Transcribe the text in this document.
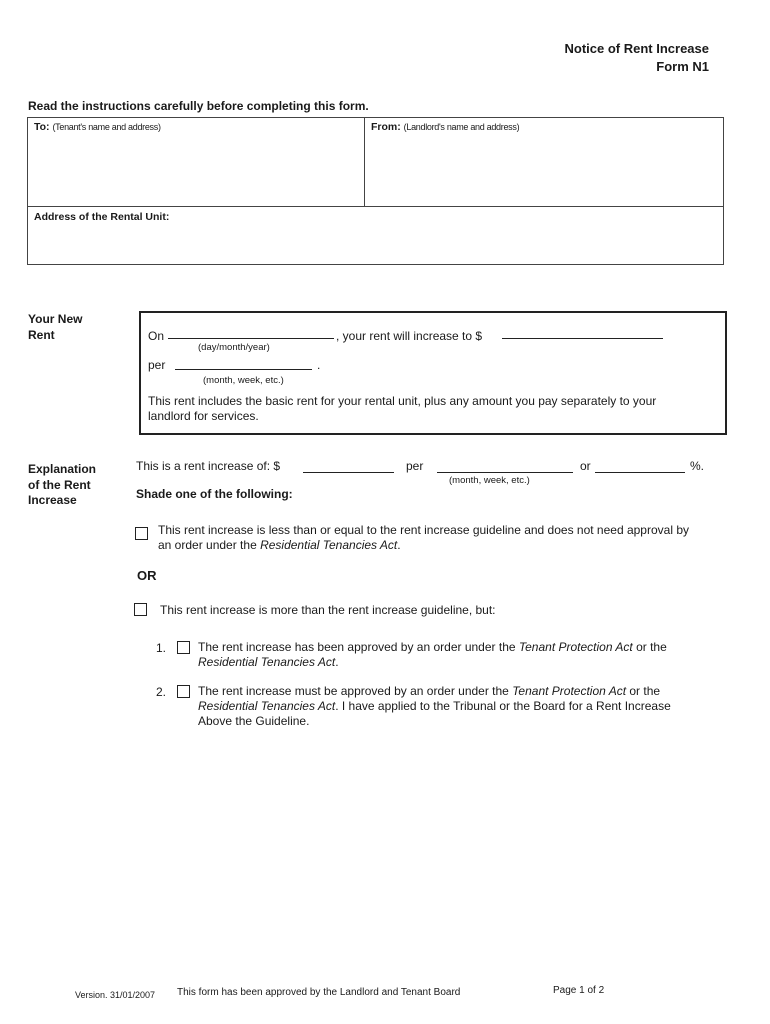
Notice of Rent Increase
Form N1
Read the instructions carefully before completing this form.
To: (Tenant's name and address)	From: (Landlord's name and address)
Address of the Rental Unit:
Your New
Rent	On
(day/month/year)
, your rent will increase to $
per	.
(month, week, etc.)
This rent includes the basic rent for your rental unit, plus any amount you pay separately to your
landlord for services.
Explanation
of the Rent
Increase
This is a rent increase of: $	per
(month, week, etc.)
or	%.
Shade one of the following:
This rent increase is less than or equal to the rent increase guideline and does not need approval by
an order under the Residential Tenancies Act.
OR
This rent increase is more than the rent increase guideline, but:
1.	The rent increase has been approved by an order under the Tenant Protection Act or the
Residential Tenancies Act.
2.	The rent increase must be approved by an order under the Tenant Protection Act or the
Residential Tenancies Act. I have applied to the Tribunal or the Board for a Rent Increase
Above the Guideline.
Version. 31/01/2007 This form has been approved by the Landlord and Tenant Board	Page 1 of 2
